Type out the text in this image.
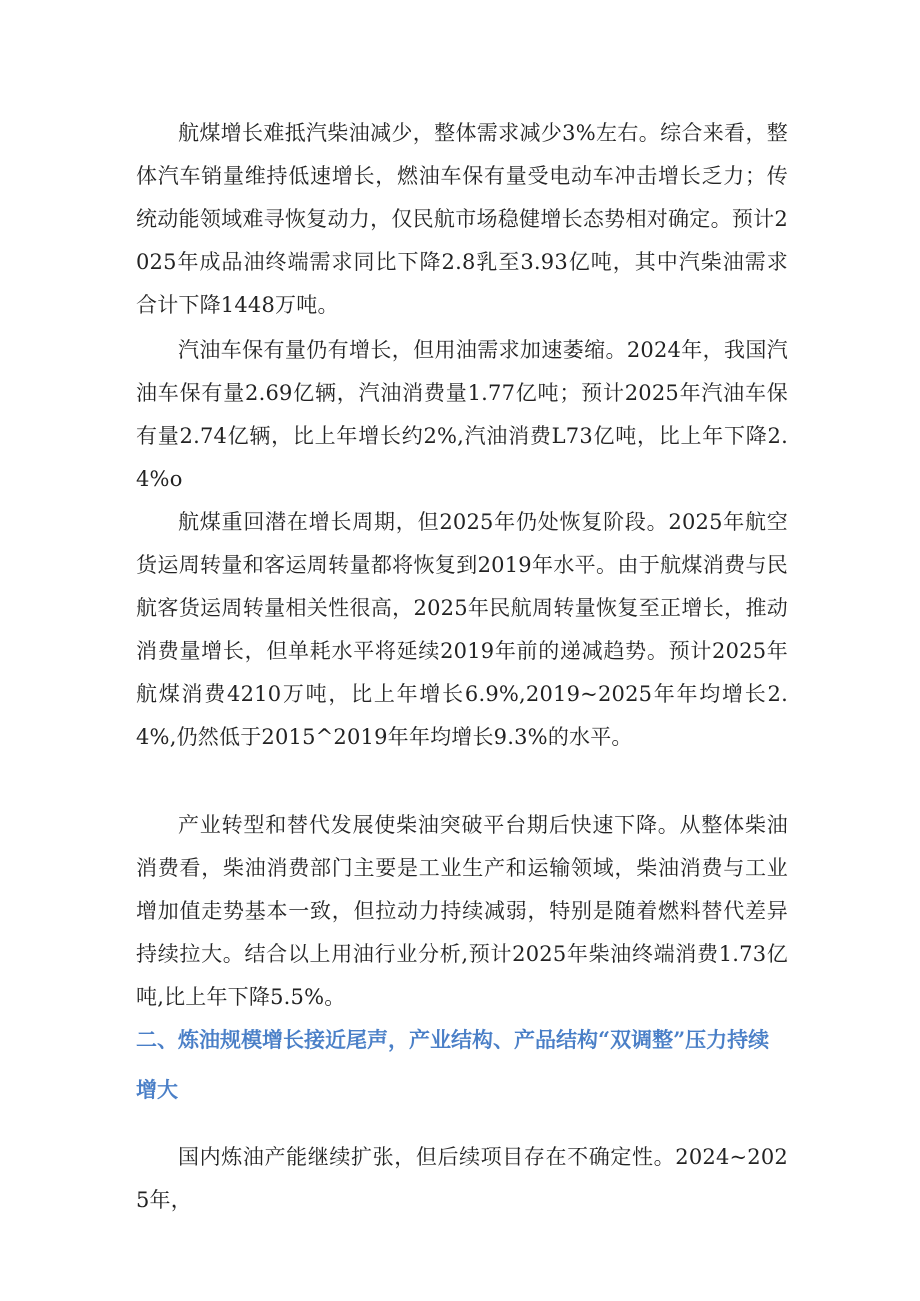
航煤增长难抵汽柴油减少，整体需求减少3%左右。综合来看，整体汽车销量维持低速增长，燃油车保有量受电动车冲击增长乏力；传统动能领域难寻恢复动力，仅民航市场稳健增长态势相对确定。预计2025年成品油终端需求同比下降2.8乳至3.93亿吨，其中汽柴油需求合计下降1448万吨。

汽油车保有量仍有增长，但用油需求加速萎缩。2024年，我国汽油车保有量2.69亿辆，汽油消费量1.77亿吨；预计2025年汽油车保有量2.74亿辆，比上年增长约2%,汽油消费L73亿吨，比上年下降2.4%o

航煤重回潜在增长周期，但2025年仍处恢复阶段。2025年航空货运周转量和客运周转量都将恢复到2019年水平。由于航煤消费与民航客货运周转量相关性很高，2025年民航周转量恢复至正增长，推动消费量增长，但单耗水平将延续2019年前的递减趋势。预计2025年航煤消费4210万吨，比上年增长6.9%,2019~2025年年均增长2.4%,仍然低于2015^2019年年均增长9.3%的水平。

产业转型和替代发展使柴油突破平台期后快速下降。从整体柴油消费看，柴油消费部门主要是工业生产和运输领域，柴油消费与工业增加值走势基本一致，但拉动力持续减弱，特别是随着燃料替代差异持续拉大。结合以上用油行业分析,预计2025年柴油终端消费1.73亿吨,比上年下降5.5%。

二、炼油规模增长接近尾声，产业结构、产品结构“双调整”压力持续增大

国内炼油产能继续扩张，但后续项目存在不确定性。2024~2025年，
